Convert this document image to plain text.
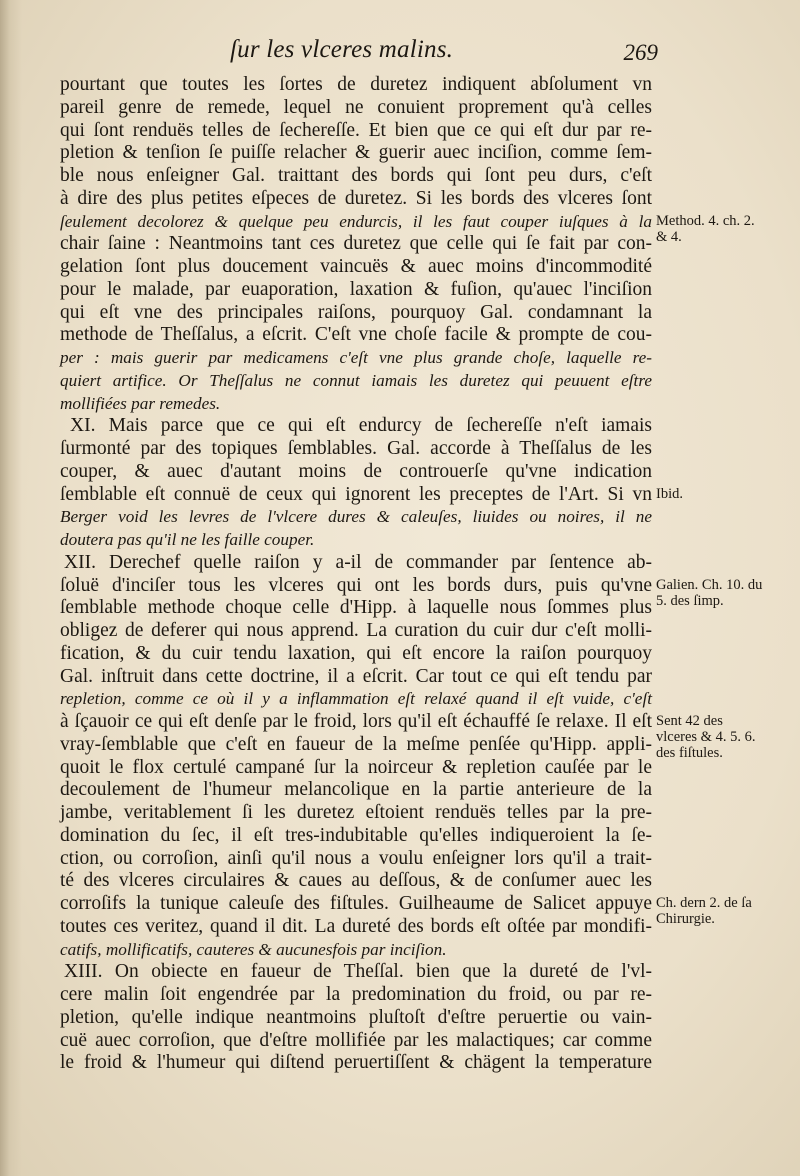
ſur les vlceres malins.	269
pourtant que toutes les ſortes de duretez indiquent abſolument vn
pareil genre de remede, lequel ne conuient proprement qu'à celles
qui ſont renduës telles de ſechereſſe. Et bien que ce qui eſt dur par re-
pletion & tenſion ſe puiſſe relacher & guerir auec inciſion, comme ſem-
ble nous enſeigner Gal. traittant des bords qui ſont peu durs, c'eſt
à dire des plus petites eſpeces de duretez. Si les bords des vlceres ſont
ſeulement decolorez & quelque peu endurcis, il les faut couper iuſques à la
chair ſaine : Neantmoins tant ces duretez que celle qui ſe fait par con-
gelation ſont plus doucement vaincuës & auec moins d'incommodité
pour le malade, par euaporation, laxation & fuſion, qu'auec l'inciſion
qui eſt vne des principales raiſons, pourquoy Gal. condamnant la
methode de Theſſalus, a eſcrit. C'eſt vne choſe facile & prompte de cou-
per : mais guerir par medicamens c'eſt vne plus grande choſe, laquelle re-
quiert artifice. Or Theſſalus ne connut iamais les duretez qui peuuent eſtre
mollifiées par remedes.
XI. Mais parce que ce qui eſt endurcy de ſechereſſe n'eſt iamais
ſurmonté par des topiques ſemblables. Gal. accorde à Theſſalus de les
couper, & auec d'autant moins de controuerſe qu'vne indication
ſemblable eſt connuë de ceux qui ignorent les preceptes de l'Art. Si vn
Berger void les levres de l'vlcere dures & caleuſes, liuides ou noires, il ne
doutera pas qu'il ne les faille couper.
XII. Derechef quelle raiſon y a-il de commander par ſentence ab-
ſoluë d'inciſer tous les vlceres qui ont les bords durs, puis qu'vne
ſemblable methode choque celle d'Hipp. à laquelle nous ſommes plus
obligez de deferer qui nous apprend. La curation du cuir dur c'eſt molli-
fication, & du cuir tendu laxation, qui eſt encore la raiſon pourquoy
Gal. inſtruit dans cette doctrine, il a eſcrit. Car tout ce qui eſt tendu par
repletion, comme ce où il y a inflammation eſt relaxé quand il eſt vuide, c'eſt
à ſçauoir ce qui eſt denſe par le froid, lors qu'il eſt échauffé ſe relaxe. Il eſt
vray-ſemblable que c'eſt en faueur de la meſme penſée qu'Hipp. appli-
quoit le flox certulé campané ſur la noirceur & repletion cauſée par le
decoulement de l'humeur melancolique en la partie anterieure de la
jambe, veritablement ſi les duretez eſtoient renduës telles par la pre-
domination du ſec, il eſt tres-indubitable qu'elles indiqueroient la ſe-
ction, ou corroſion, ainſi qu'il nous a voulu enſeigner lors qu'il a trait-
té des vlceres circulaires & caues au deſſous, & de conſumer auec les
corroſifs la tunique caleuſe des fiſtules. Guilheaume de Salicet appuye
toutes ces veritez, quand il dit. La dureté des bords eſt oſtée par mondifi-
catifs, mollificatifs, cauteres & aucunesfois par inciſion.
XIII. On obiecte en faueur de Theſſal. bien que la dureté de l'vl-
cere malin ſoit engendrée par la predomination du froid, ou par re-
pletion, qu'elle indique neantmoins pluſtoſt d'eſtre peruertie ou vain-
cuë auec corroſion, que d'eſtre mollifiée par les malactiques; car comme
le froid & l'humeur qui diſtend peruertiſſent & chägent la temperature
Method. 4. ch. 2. & 4.
Ibid.
Galien. Ch. 10. du 5. des ſimp.
Sent 42 des vlceres & 4. 5. 6. des fiſtules.
Ch. dern 2. de ſa Chirurgie.
